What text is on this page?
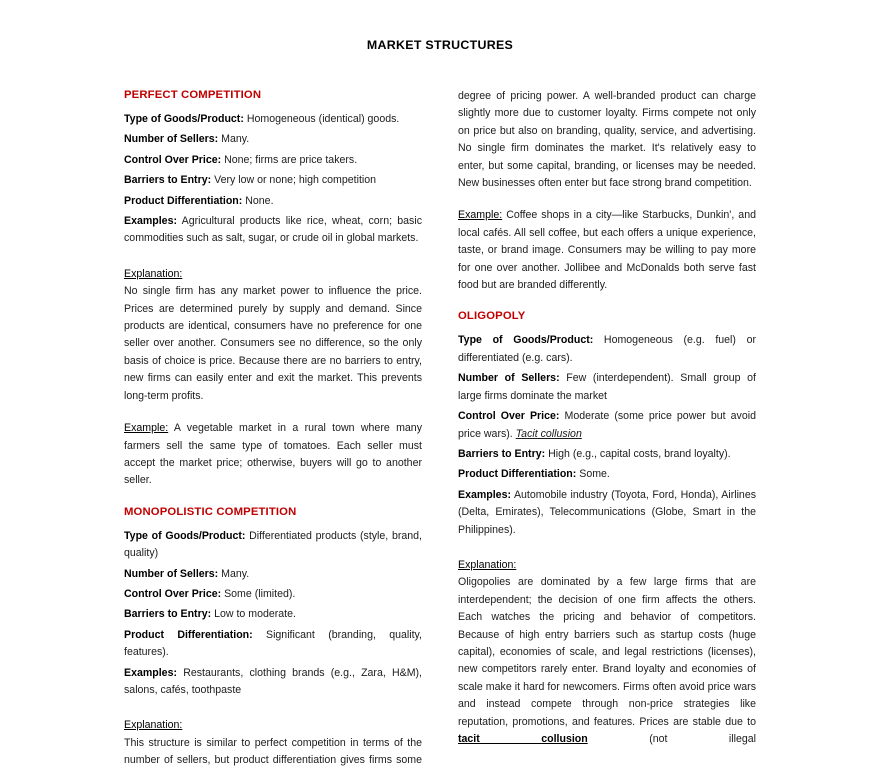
MARKET STRUCTURES
PERFECT COMPETITION

Type of Goods/Product: Homogeneous (identical) goods.

Number of Sellers: Many.

Control Over Price: None; firms are price takers.

Barriers to Entry: Very low or none; high competition

Product Differentiation: None.

Examples: Agricultural products like rice, wheat, corn; basic commodities such as salt, sugar, or crude oil in global markets.

Explanation:

No single firm has any market power to influence the price. Prices are determined purely by supply and demand. Since products are identical, consumers have no preference for one seller over another. Consumers see no difference, so the only basis of choice is price. Because there are no barriers to entry, new firms can easily enter and exit the market. This prevents long-term profits.

Example: A vegetable market in a rural town where many farmers sell the same type of tomatoes. Each seller must accept the market price; otherwise, buyers will go to another seller.

MONOPOLISTIC COMPETITION

Type of Goods/Product: Differentiated products (style, brand, quality)

Number of Sellers: Many.

Control Over Price: Some (limited).

Barriers to Entry: Low to moderate.

Product Differentiation: Significant (branding, quality, features).

Examples: Restaurants, clothing brands (e.g., Zara, H&M), salons, cafés, toothpaste

Explanation:

This structure is similar to perfect competition in terms of the number of sellers, but product differentiation gives firms some

degree of pricing power. A well-branded product can charge slightly more due to customer loyalty. Firms compete not only on price but also on branding, quality, service, and advertising. No single firm dominates the market. It's relatively easy to enter, but some capital, branding, or licenses may be needed. New businesses often enter but face strong brand competition.

Example: Coffee shops in a city—like Starbucks, Dunkin', and local cafés. All sell coffee, but each offers a unique experience, taste, or brand image. Consumers may be willing to pay more for one over another. Jollibee and McDonalds both serve fast food but are branded differently.

OLIGOPOLY

Type of Goods/Product: Homogeneous (e.g. fuel) or differentiated (e.g. cars).

Number of Sellers: Few (interdependent). Small group of large firms dominate the market

Control Over Price: Moderate (some price power but avoid price wars). Tacit collusion

Barriers to Entry: High (e.g., capital costs, brand loyalty).

Product Differentiation: Some.

Examples: Automobile industry (Toyota, Ford, Honda), Airlines (Delta, Emirates), Telecommunications (Globe, Smart in the Philippines).

Explanation:

Oligopolies are dominated by a few large firms that are interdependent; the decision of one firm affects the others. Each watches the pricing and behavior of competitors. Because of high entry barriers such as startup costs (huge capital), economies of scale, and legal restrictions (licenses), new competitors rarely enter. Brand loyalty and economies of scale make it hard for newcomers. Firms often avoid price wars and instead compete through non-price strategies like reputation, promotions, and features. Prices are stable due to tacit collusion (not illegal
